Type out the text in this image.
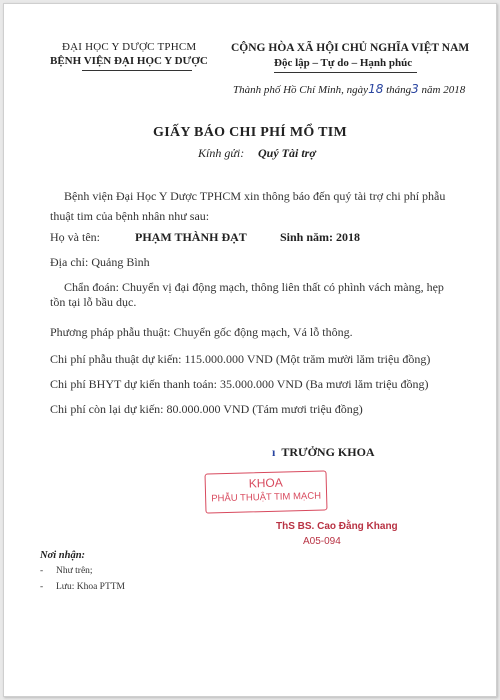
ĐẠI HỌC Y DƯỢC TPHCM
BỆNH VIỆN ĐẠI HỌC Y DƯỢC
CỘNG HÒA XÃ HỘI CHỦ NGHĨA VIỆT NAM
Độc lập – Tự do – Hạnh phúc
Thành phố Hồ Chí Minh, ngày18 tháng3 năm 2018
GIẤY BÁO CHI PHÍ MỔ TIM
Kính gửi: Quý Tài trợ
Bệnh viện Đại Học Y Dược TPHCM xin thông báo đến quý tài trợ chi phí phẫu thuật tim của bệnh nhân như sau:
Họ và tên:	PHẠM THÀNH ĐẠT	Sinh năm: 2018
Địa chỉ: Quảng Bình
Chẩn đoán: Chuyển vị đại động mạch, thông liên thất có phình vách màng, hẹp tồn tại lỗ bầu dục.
Phương pháp phẫu thuật: Chuyển gốc động mạch, Vá lỗ thông.
Chi phí phẫu thuật dự kiến: 115.000.000 VND (Một trăm mười lăm triệu đồng)
Chi phí BHYT dự kiến thanh toán: 35.000.000 VND (Ba mươi lăm triệu đồng)
Chi phí còn lại dự kiến: 80.000.000 VND (Tám mươi triệu đồng)
ı TRƯỞNG KHOA
KHOA
PHẪU THUẬT TIM MẠCH
ThS BS. Cao Đằng Khang
A05-094
Nơi nhận:
- Như trên;
- Lưu: Khoa PTTM
